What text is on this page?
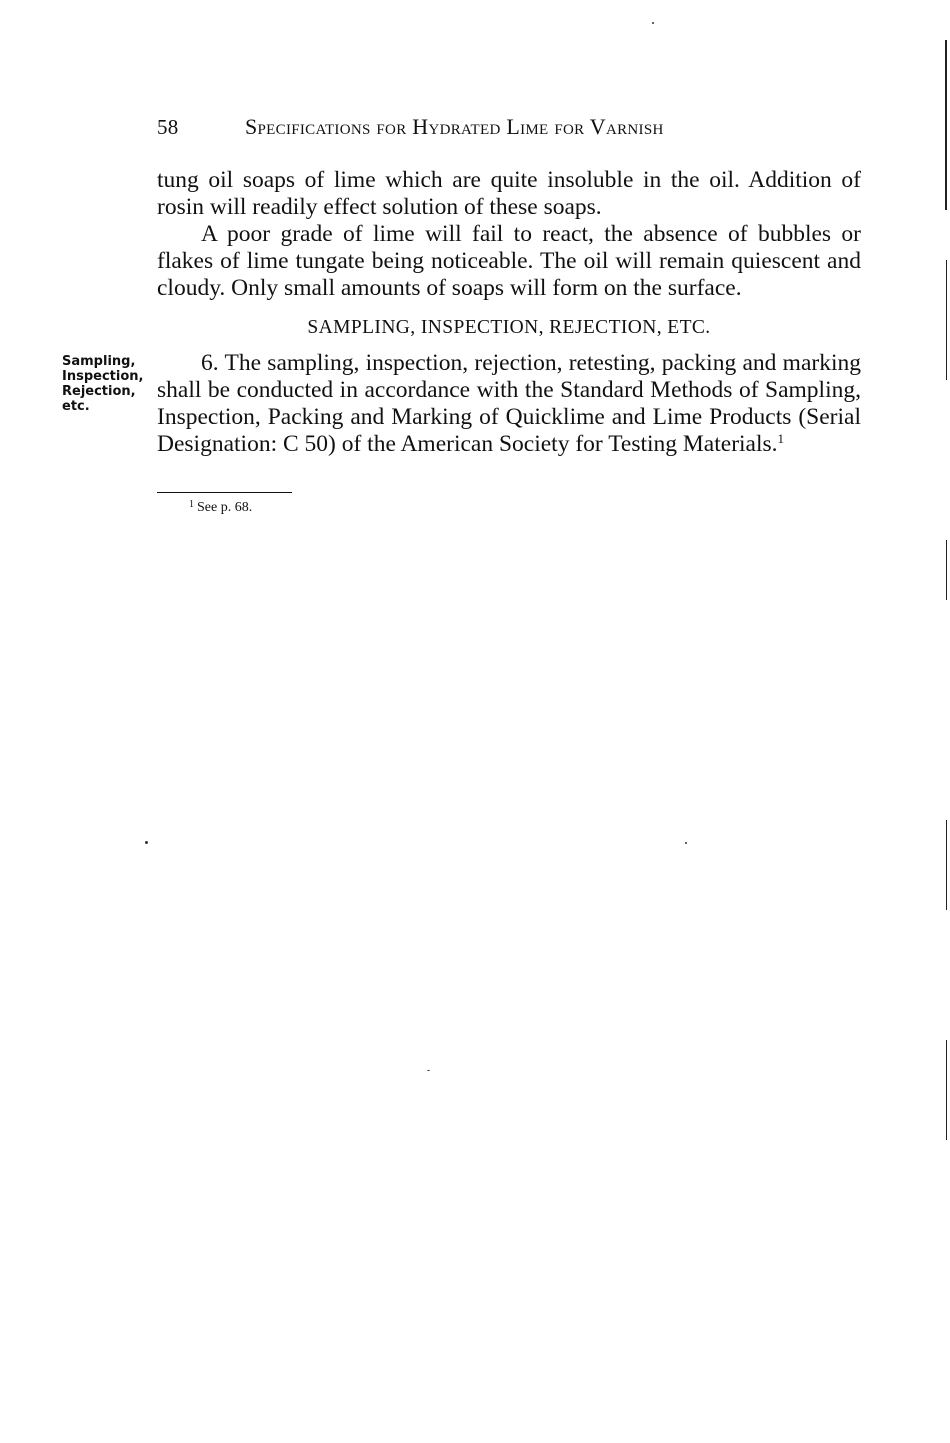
58	Specifications for Hydrated Lime for Varnish
tung oil soaps of lime which are quite insoluble in the oil. Addition of rosin will readily effect solution of these soaps.
A poor grade of lime will fail to react, the absence of bubbles or flakes of lime tungate being noticeable. The oil will remain quiescent and cloudy. Only small amounts of soaps will form on the surface.
SAMPLING, INSPECTION, REJECTION, ETC.
Sampling,
Inspection,
Rejection,
etc.
6. The sampling, inspection, rejection, retesting, packing and marking shall be conducted in accordance with the Standard Methods of Sampling, Inspection, Packing and Marking of Quicklime and Lime Products (Serial Designation: C 50) of the American Society for Testing Materials.$^1$
$^1$ See p. 68.
